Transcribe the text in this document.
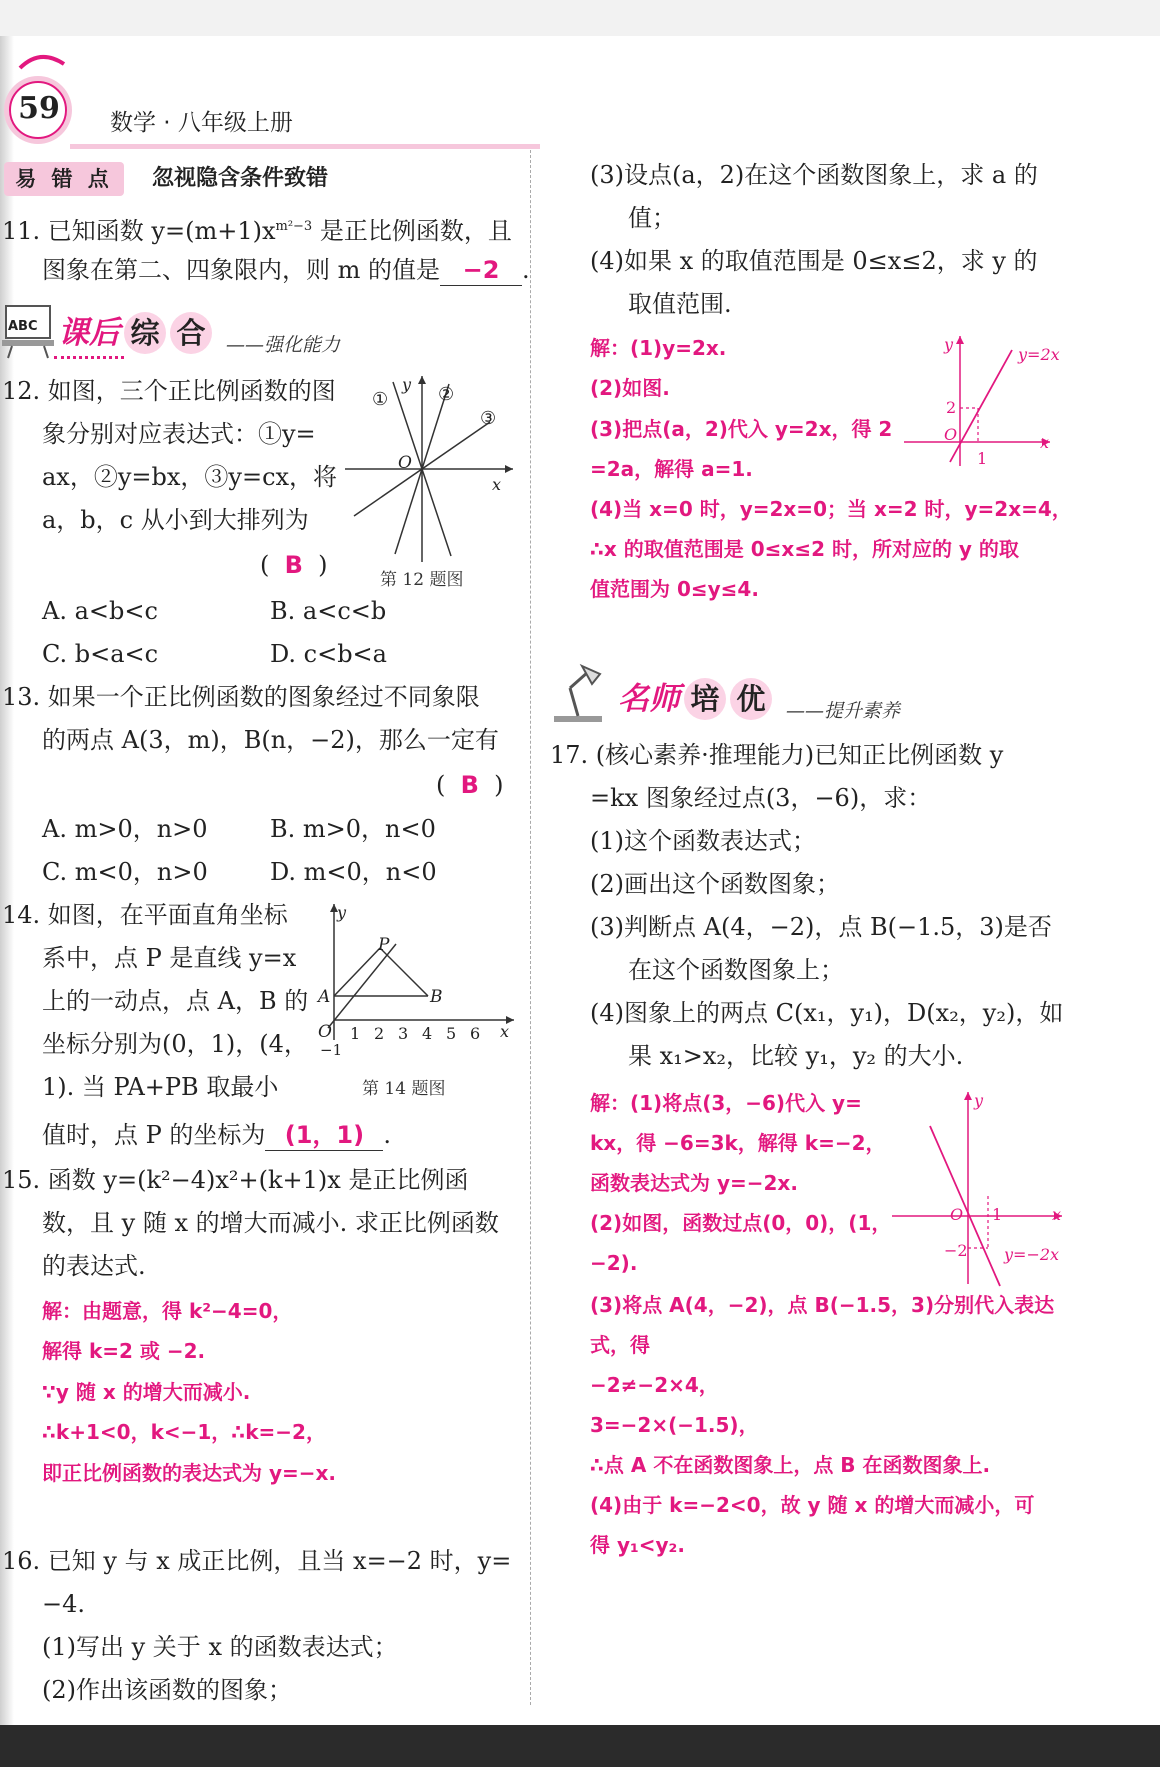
59	数学 · 八年级上册
易 错 点	忽视隐含条件致错
11. 已知函数 $y=(m+1)x^{m^2-3}$ 是正比例函数，且
图象在第二、四象限内，则 m 的值是 −2 .
ABC 课后 综 合	——强化能力
12. 如图，三个正比例函数的图
象分别对应表达式：①y=
ax，②y=bx，③y=cx，将
a，b，c 从小到大排列为
(  B  )
①	②
③
y
x
O
第 12 题图
A. a<b<c	B. a<c<b
C. b<a<c	D. c<b<a
13. 如果一个正比例函数的图象经过不同象限
的两点 A(3，m)，B(n，−2)，那么一定有
(  B  )
A. m>0，n>0	B. m>0，n<0
C. m<0，n>0	D. m<0，n<0
14. 如图，在平面直角坐标
系中，点 P 是直线 y=x
上的一动点，点 A，B 的
坐标分别为(0，1)，(4，
1). 当 PA+PB 取最小
值时，点 P 的坐标为 (1，1) .
y
P
A	B
O
−1
1 2 3 4 5 6 x
第 14 题图
15. 函数 y=(k²−4)x²+(k+1)x 是正比例函
数，且 y 随 x 的增大而减小. 求正比例函数
的表达式.
解：由题意，得 k²−4=0，
解得 k=2 或 −2.
∵y 随 x 的增大而减小.
∴k+1<0，k<−1，∴k=−2，
即正比例函数的表达式为 y=−x.
16. 已知 y 与 x 成正比例，且当 x=−2 时，y=
−4.
(1)写出 y 关于 x 的函数表达式；
(2)作出该函数的图象；
(3)设点(a，2)在这个函数图象上，求 a 的
值；
(4)如果 x 的取值范围是 0≤x≤2，求 y 的
取值范围.
解：(1)y=2x.
(2)如图.
(3)把点(a，2)代入 y=2x，得 2
=2a，解得 a=1.
(4)当 x=0 时，y=2x=0；当 x=2 时，y=2x=4，
∴x 的取值范围是 0≤x≤2 时，所对应的 y 的取
值范围为 0≤y≤4.
y
y=2x
2
O
1
x
名师 培 优	——提升素养
17. (核心素养·推理能力)已知正比例函数 y
=kx 图象经过点(3，−6)，求：
(1)这个函数表达式；
(2)画出这个函数图象；
(3)判断点 A(4，−2)，点 B(−1.5，3)是否
在这个函数图象上；
(4)图象上的两点 C(x₁，y₁)，D(x₂，y₂)，如
果 x₁>x₂，比较 y₁，y₂ 的大小.
解：(1)将点(3，−6)代入 y=
kx，得 −6=3k，解得 k=−2，
函数表达式为 y=−2x.
(2)如图，函数过点(0，0)，(1，
−2).
(3)将点 A(4，−2)，点 B(−1.5，3)分别代入表达
式，得
−2≠−2×4，
3=−2×(−1.5)，
∴点 A 不在函数图象上，点 B 在函数图象上.
(4)由于 k=−2<0，故 y 随 x 的增大而减小，可
得 y₁<y₂.
y
O 1	x
−2 y=−2x
